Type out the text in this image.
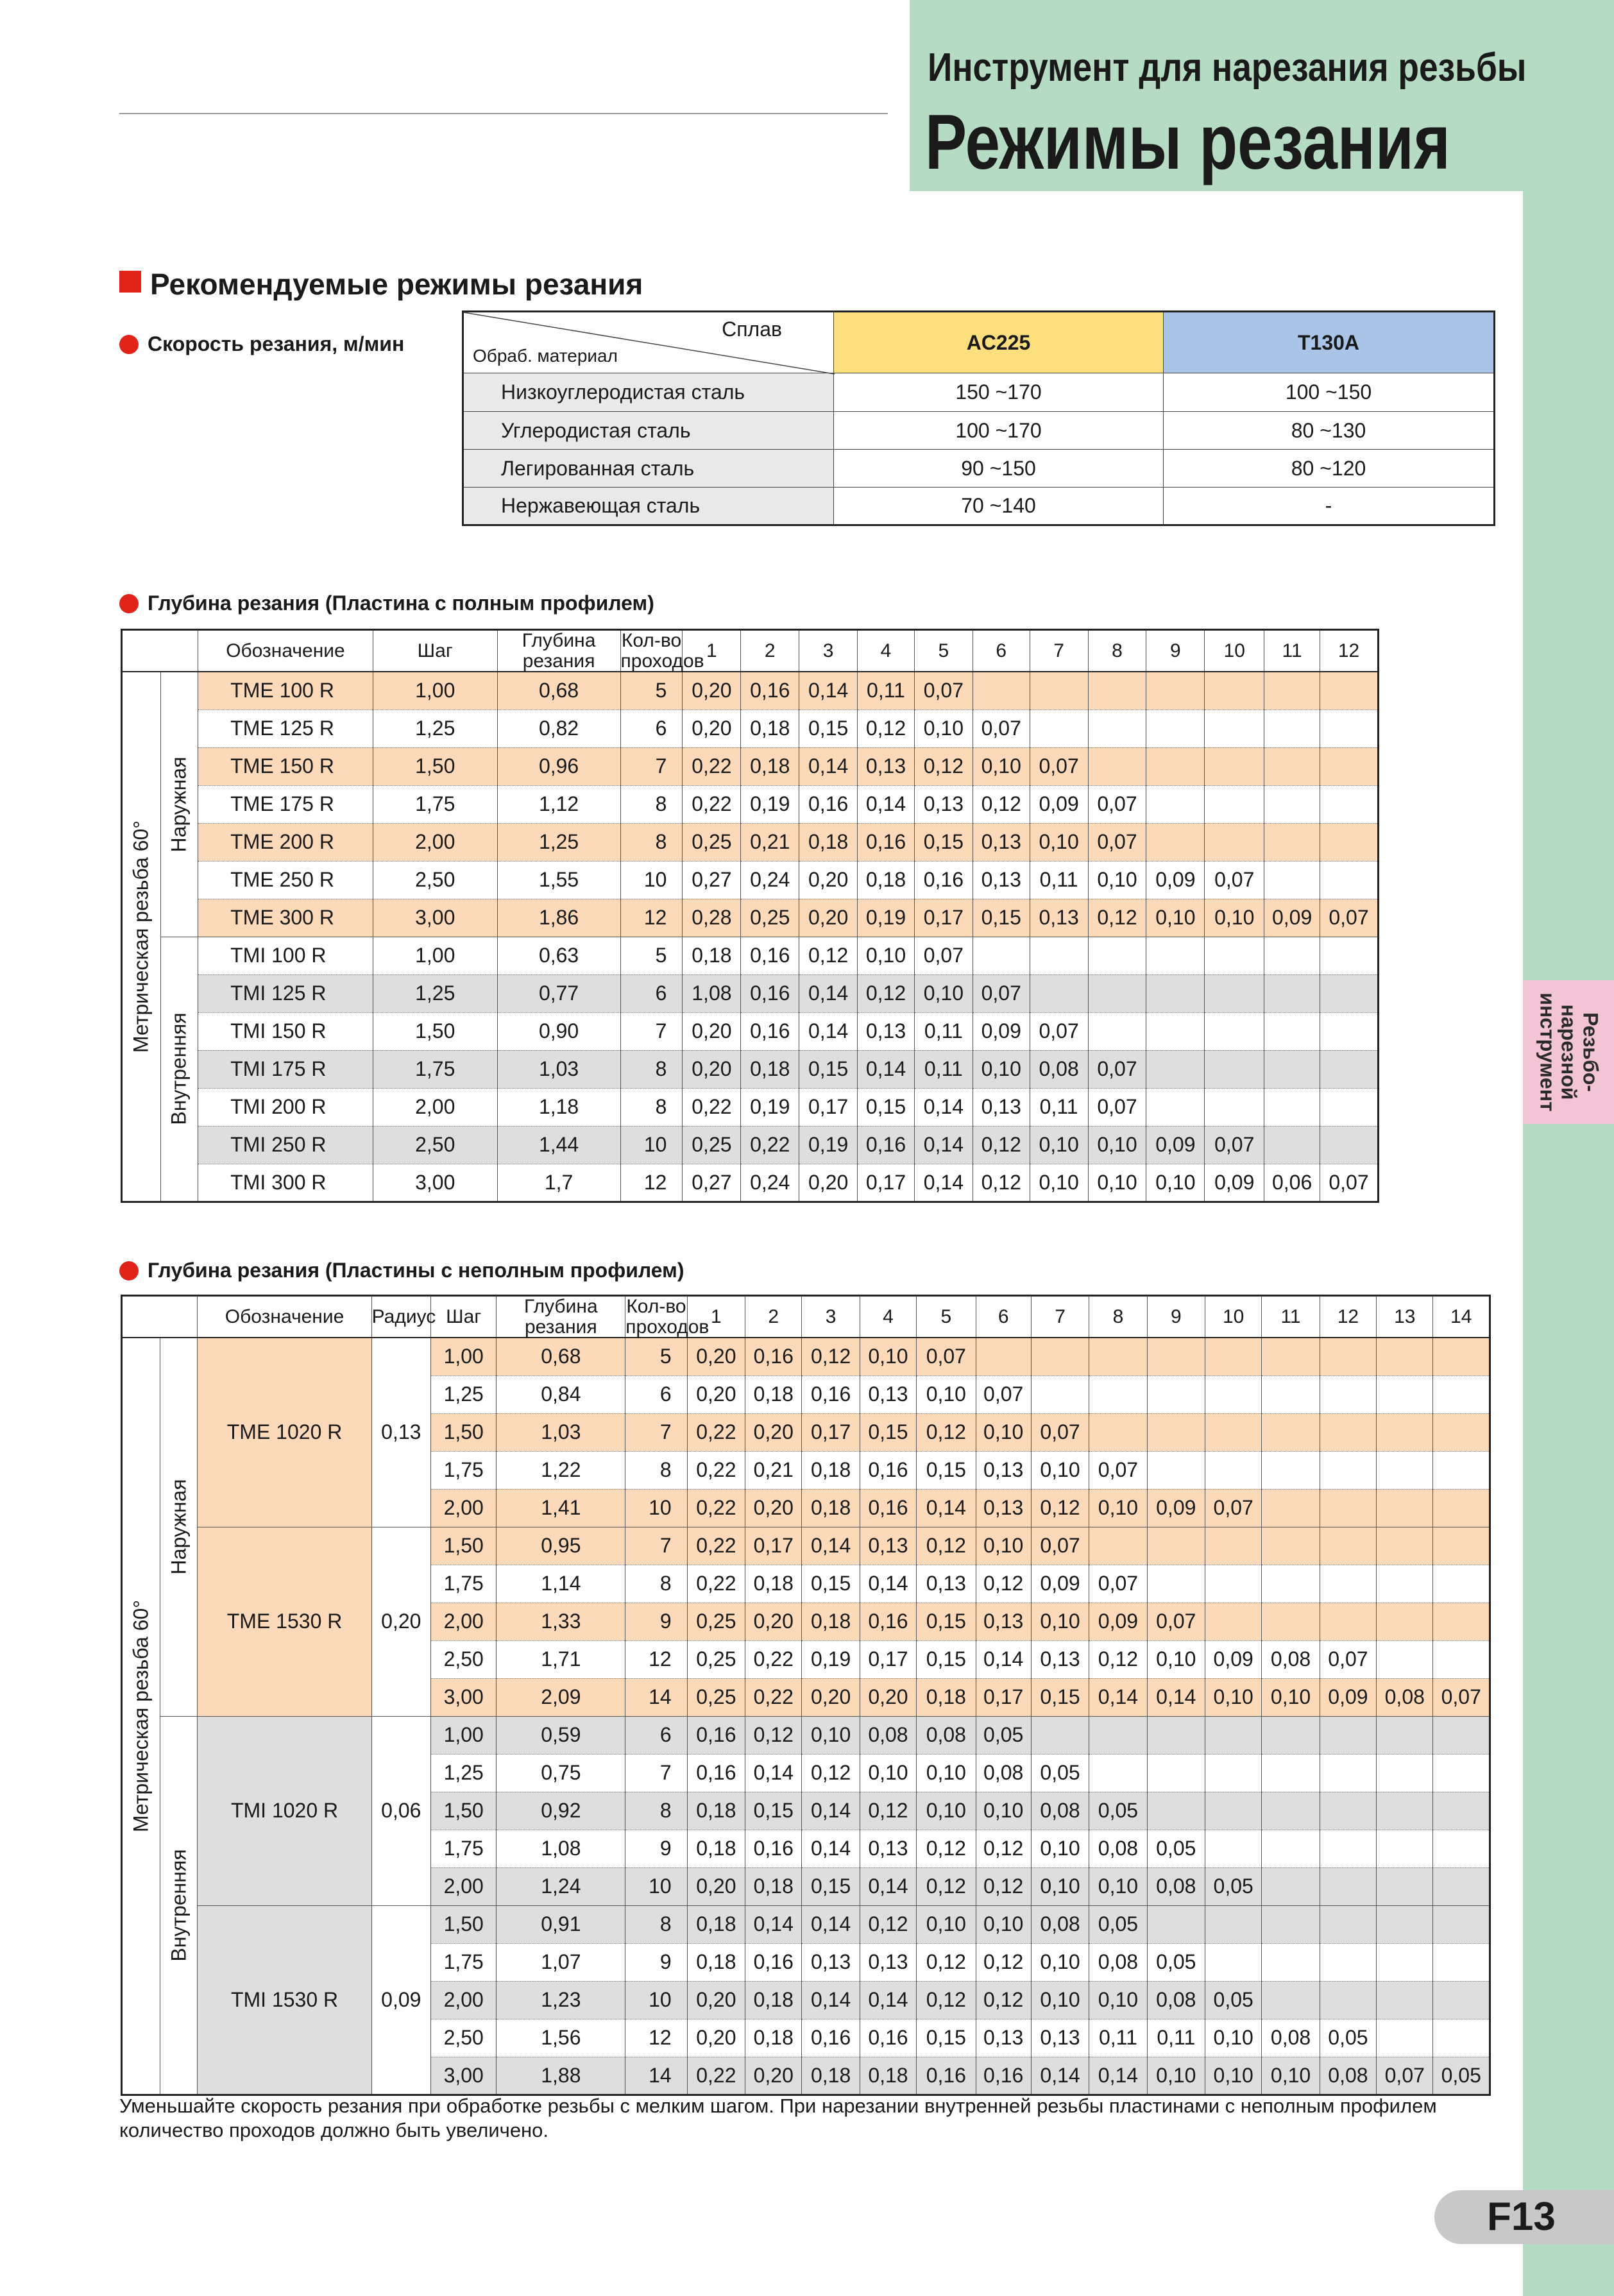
Инструмент для нарезания резьбы
Режимы резания
Резьбо-
нарезной
инструмент
Рекомендуемые режимы резания
Скорость резания, м/мин
Сплав
Обраб. материал	AC225	T130A
Низкоуглеродистая сталь	150 ~170	100 ~150
Углеродистая сталь	100 ~170	80 ~130
Легированная сталь	90 ~150	80 ~120
Нержавеющая сталь	70 ~140	-
Глубина резания (Пластина с полным профилем)
		Обозначение	Шаг	Глубина резания	Кол-во проходов	1	2	3	4	5	6	7	8	9	10	11	12

Метрическая резьба 60°	Наружная	TME 100 R	1,00	0,68	5	0,20	0,16	0,14	0,11	0,07							
		TME 125 R	1,25	0,82	6	0,20	0,18	0,15	0,12	0,10	0,07						
		TME 150 R	1,50	0,96	7	0,22	0,18	0,14	0,13	0,12	0,10	0,07					
		TME 175 R	1,75	1,12	8	0,22	0,19	0,16	0,14	0,13	0,12	0,09	0,07				
		TME 200 R	2,00	1,25	8	0,25	0,21	0,18	0,16	0,15	0,13	0,10	0,07				
		TME 250 R	2,50	1,55	10	0,27	0,24	0,20	0,18	0,16	0,13	0,11	0,10	0,09	0,07		
		TME 300 R	3,00	1,86	12	0,28	0,25	0,20	0,19	0,17	0,15	0,13	0,12	0,10	0,10	0,09	0,07

	Внутренняя	TMI 100 R	1,00	0,63	5	0,18	0,16	0,12	0,10	0,07							
		TMI 125 R	1,25	0,77	6	1,08	0,16	0,14	0,12	0,10	0,07						
		TMI 150 R	1,50	0,90	7	0,20	0,16	0,14	0,13	0,11	0,09	0,07					
		TMI 175 R	1,75	1,03	8	0,20	0,18	0,15	0,14	0,11	0,10	0,08	0,07				
		TMI 200 R	2,00	1,18	8	0,22	0,19	0,17	0,15	0,14	0,13	0,11	0,07				
		TMI 250 R	2,50	1,44	10	0,25	0,22	0,19	0,16	0,14	0,12	0,10	0,10	0,09	0,07		
		TMI 300 R	3,00	1,7	12	0,27	0,24	0,20	0,17	0,14	0,12	0,10	0,10	0,10	0,09	0,06	0,07
Глубина резания (Пластины с неполным профилем)
		Обозначение	Радиус	Шаг	Глубина резания	Кол-во проходов	1	2	3	4	5	6	7	8	9	10	11	12	13	14

Метрическая резьба 60°	Наружная	TME 1020 R	0,13	1,00	0,68	5	0,20	0,16	0,12	0,10	0,07									
				1,25	0,84	6	0,20	0,18	0,16	0,13	0,10	0,07								
				1,50	1,03	7	0,22	0,20	0,17	0,15	0,12	0,10	0,07							
				1,75	1,22	8	0,22	0,21	0,18	0,16	0,15	0,13	0,10	0,07						
				2,00	1,41	10	0,22	0,20	0,18	0,16	0,14	0,13	0,12	0,10	0,09	0,07				
		TME 1530 R	0,20	1,50	0,95	7	0,22	0,17	0,14	0,13	0,12	0,10	0,07							
				1,75	1,14	8	0,22	0,18	0,15	0,14	0,13	0,12	0,09	0,07						
				2,00	1,33	9	0,25	0,20	0,18	0,16	0,15	0,13	0,10	0,09	0,07					
				2,50	1,71	12	0,25	0,22	0,19	0,17	0,15	0,14	0,13	0,12	0,10	0,09	0,08	0,07		
				3,00	2,09	14	0,25	0,22	0,20	0,20	0,18	0,17	0,15	0,14	0,14	0,10	0,10	0,09	0,08	0,07

	Внутренняя	TMI 1020 R	0,06	1,00	0,59	6	0,16	0,12	0,10	0,08	0,08	0,05								
				1,25	0,75	7	0,16	0,14	0,12	0,10	0,10	0,08	0,05							
				1,50	0,92	8	0,18	0,15	0,14	0,12	0,10	0,10	0,08	0,05						
				1,75	1,08	9	0,18	0,16	0,14	0,13	0,12	0,12	0,10	0,08	0,05					
				2,00	1,24	10	0,20	0,18	0,15	0,14	0,12	0,12	0,10	0,10	0,08	0,05				
		TMI 1530 R	0,09	1,50	0,91	8	0,18	0,14	0,14	0,12	0,10	0,10	0,08	0,05						
				1,75	1,07	9	0,18	0,16	0,13	0,13	0,12	0,12	0,10	0,08	0,05					
				2,00	1,23	10	0,20	0,18	0,14	0,14	0,12	0,12	0,10	0,10	0,08	0,05				
				2,50	1,56	12	0,20	0,18	0,16	0,16	0,15	0,13	0,13	0,11	0,11	0,10	0,08	0,05		
				3,00	1,88	14	0,22	0,20	0,18	0,18	0,16	0,16	0,14	0,14	0,10	0,10	0,10	0,08	0,07	0,05
Уменьшайте скорость резания при обработке резьбы с мелким шагом. При нарезании внутренней резьбы пластинами с неполным профилем количество проходов должно быть увеличено.
F13
